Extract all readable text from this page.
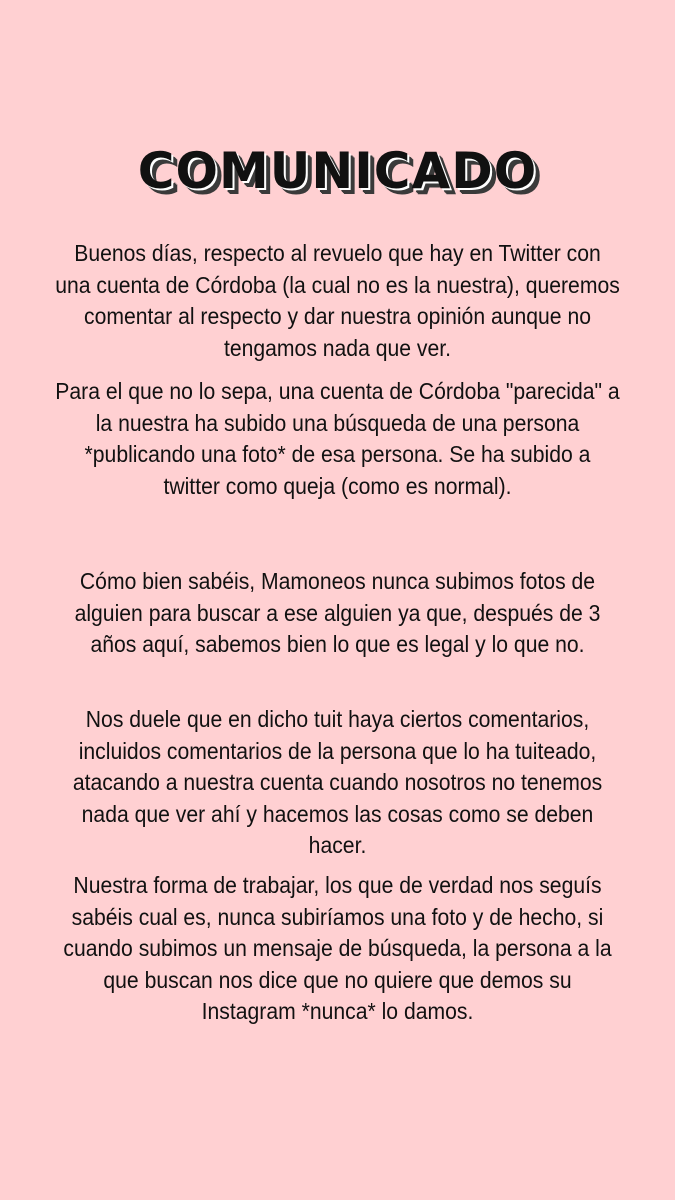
COMUNICADO

Buenos días, respecto al revuelo que hay en Twitter con una cuenta de Córdoba (la cual no es la nuestra), queremos comentar al respecto y dar nuestra opinión aunque no tengamos nada que ver.

Para el que no lo sepa, una cuenta de Córdoba "parecida" a la nuestra ha subido una búsqueda de una persona *publicando una foto* de esa persona. Se ha subido a twitter como queja (como es normal).

Cómo bien sabéis, Mamoneos nunca subimos fotos de alguien para buscar a ese alguien ya que, después de 3 años aquí, sabemos bien lo que es legal y lo que no.

Nos duele que en dicho tuit haya ciertos comentarios, incluidos comentarios de la persona que lo ha tuiteado, atacando a nuestra cuenta cuando nosotros no tenemos nada que ver ahí y hacemos las cosas como se deben hacer.

Nuestra forma de trabajar, los que de verdad nos seguís sabéis cual es, nunca subiríamos una foto y de hecho, si cuando subimos un mensaje de búsqueda, la persona a la que buscan nos dice que no quiere que demos su Instagram *nunca* lo damos.
